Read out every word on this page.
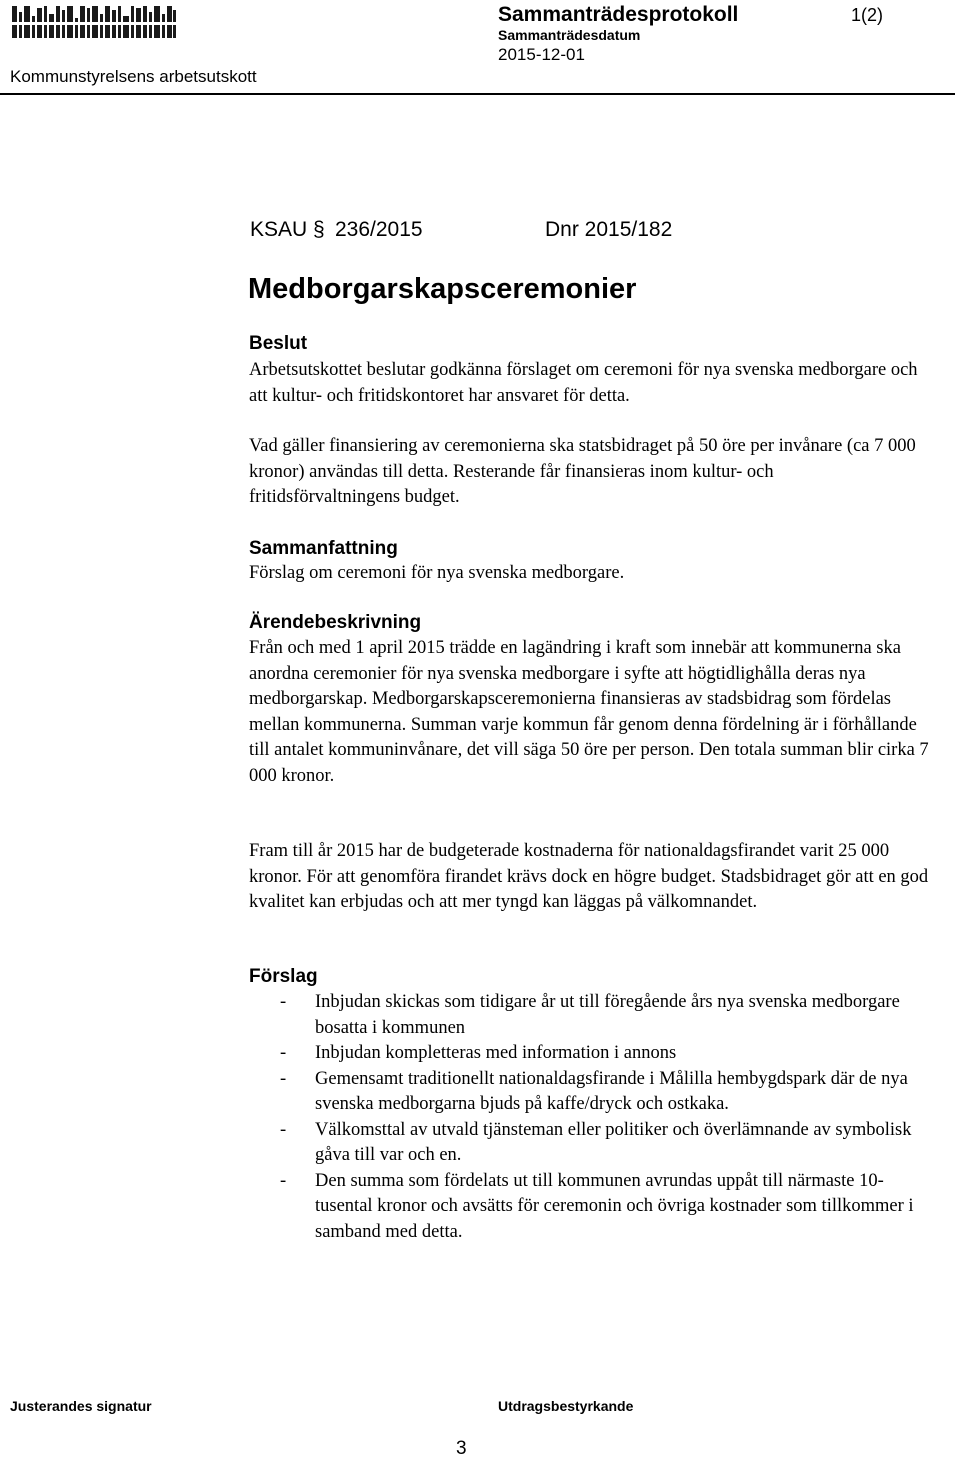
Sammanträdesprotokoll	1(2)
Sammanträdesdatum
2015-12-01
Kommunstyrelsens arbetsutskott
KSAU § 236/2015	Dnr 2015/182
Medborgarskapsceremonier
Beslut
Arbetsutskottet beslutar godkänna förslaget om ceremoni för nya svenska medborgare och att kultur- och fritidskontoret har ansvaret för detta.
Vad gäller finansiering av ceremonierna ska statsbidraget på 50 öre per invånare (ca 7 000 kronor) användas till detta. Resterande får finansieras inom kultur- och fritidsförvaltningens budget.
Sammanfattning
Förslag om ceremoni för nya svenska medborgare.
Ärendebeskrivning
Från och med 1 april 2015 trädde en lagändring i kraft som innebär att kommunerna ska anordna ceremonier för nya svenska medborgare i syfte att högtidlighålla deras nya medborgarskap. Medborgarskapsceremonierna finansieras av stadsbidrag som fördelas mellan kommunerna. Summan varje kommun får genom denna fördelning är i förhållande till antalet kommuninvånare, det vill säga 50 öre per person. Den totala summan blir cirka 7 000 kronor.
Fram till år 2015 har de budgeterade kostnaderna för nationaldagsfirandet varit 25 000 kronor. För att genomföra firandet krävs dock en högre budget. Stadsbidraget gör att en god kvalitet kan erbjudas och att mer tyngd kan läggas på välkomnandet.
Förslag
- Inbjudan skickas som tidigare år ut till föregående års nya svenska medborgare bosatta i kommunen
- Inbjudan kompletteras med information i annons
- Gemensamt traditionellt nationaldagsfirande i Målilla hembygdspark där de nya svenska medborgarna bjuds på kaffe/dryck och ostkaka.
- Välkomsttal av utvald tjänsteman eller politiker och överlämnande av symbolisk gåva till var och en.
- Den summa som fördelats ut till kommunen avrundas uppåt till närmaste 10-tusental kronor och avsätts för ceremonin och övriga kostnader som tillkommer i samband med detta.
Justerandes signatur	Utdragsbestyrkande
3
